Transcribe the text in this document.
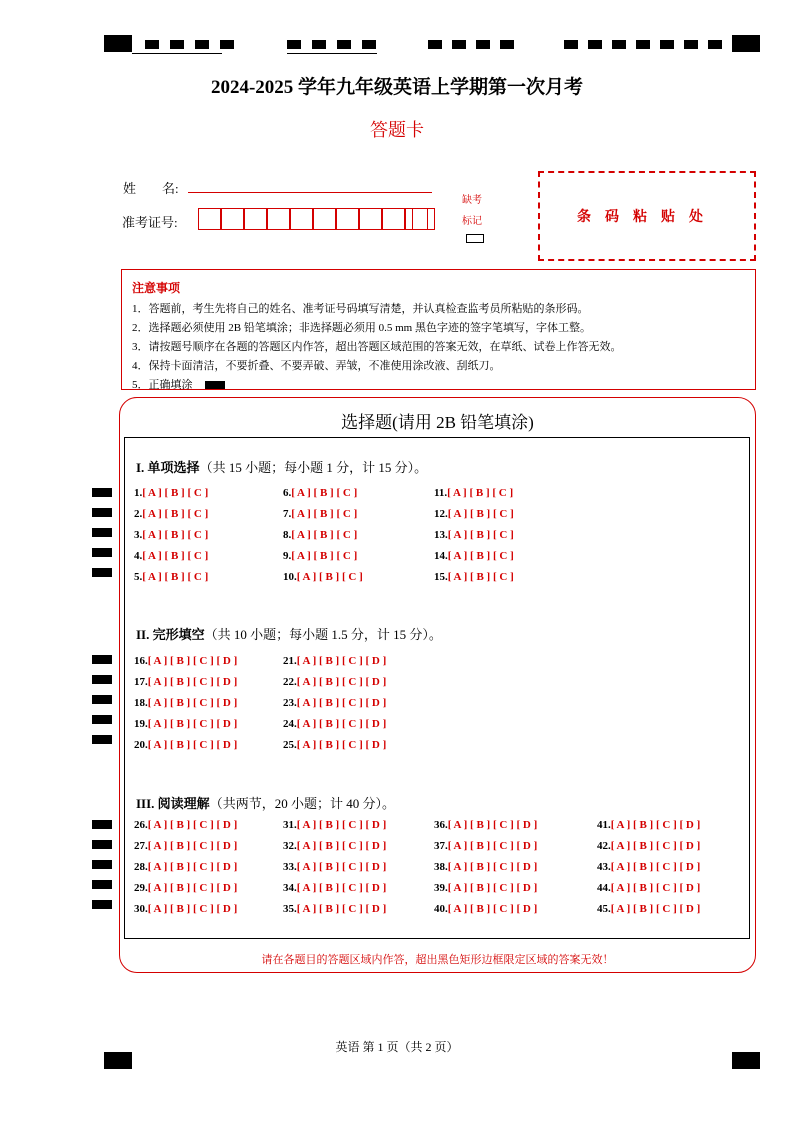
2024-2025 学年九年级英语上学期第一次月考
答题卡
姓　　名:
准考证号:
缺考
标记	条码粘贴处
注意事项
1．答题前，考生先将自己的姓名、准考证号码填写清楚，并认真检查监考员所粘贴的条形码。
2．选择题必须使用 2B 铅笔填涂；非选择题必须用 0.5 mm 黑色字迹的签字笔填写，字体工整。
3．请按题号顺序在各题的答题区内作答，超出答题区域范围的答案无效，在草纸、试卷上作答无效。
4．保持卡面清洁，不要折叠、不要弄破、弄皱，不准使用涂改液、刮纸刀。
5．正确填涂
选择题(请用 2B 铅笔填涂)
I. 单项选择（共 15 小题；每小题 1 分，计 15 分）。
II. 完形填空（共 10 小题；每小题 1.5 分，计 15 分）。
III. 阅读理解（共两节，20 小题；计 40 分）。
1.[ A ] [ B ] [ C ]
2.[ A ] [ B ] [ C ]
3.[ A ] [ B ] [ C ]
4.[ A ] [ B ] [ C ]
5.[ A ] [ B ] [ C ]
6.[ A ] [ B ] [ C ]
7.[ A ] [ B ] [ C ]
8.[ A ] [ B ] [ C ]
9.[ A ] [ B ] [ C ]
10.[ A ] [ B ] [ C ]
11.[ A ] [ B ] [ C ]
12.[ A ] [ B ] [ C ]
13.[ A ] [ B ] [ C ]
14.[ A ] [ B ] [ C ]
15.[ A ] [ B ] [ C ]
16.[ A ] [ B ] [ C ] [ D ]
17.[ A ] [ B ] [ C ] [ D ]
18.[ A ] [ B ] [ C ] [ D ]
19.[ A ] [ B ] [ C ] [ D ]
20.[ A ] [ B ] [ C ] [ D ]
21.[ A ] [ B ] [ C ] [ D ]
22.[ A ] [ B ] [ C ] [ D ]
23.[ A ] [ B ] [ C ] [ D ]
24.[ A ] [ B ] [ C ] [ D ]
25.[ A ] [ B ] [ C ] [ D ]
26.[ A ] [ B ] [ C ] [ D ]
27.[ A ] [ B ] [ C ] [ D ]
28.[ A ] [ B ] [ C ] [ D ]
29.[ A ] [ B ] [ C ] [ D ]
30.[ A ] [ B ] [ C ] [ D ]
31.[ A ] [ B ] [ C ] [ D ]
32.[ A ] [ B ] [ C ] [ D ]
33.[ A ] [ B ] [ C ] [ D ]
34.[ A ] [ B ] [ C ] [ D ]
35.[ A ] [ B ] [ C ] [ D ]
36.[ A ] [ B ] [ C ] [ D ]
37.[ A ] [ B ] [ C ] [ D ]
38.[ A ] [ B ] [ C ] [ D ]
39.[ A ] [ B ] [ C ] [ D ]
40.[ A ] [ B ] [ C ] [ D ]
41.[ A ] [ B ] [ C ] [ D ]
42.[ A ] [ B ] [ C ] [ D ]
43.[ A ] [ B ] [ C ] [ D ]
44.[ A ] [ B ] [ C ] [ D ]
45.[ A ] [ B ] [ C ] [ D ]
请在各题目的答题区域内作答，超出黑色矩形边框限定区域的答案无效！
英语 第 1 页（共 2 页）
